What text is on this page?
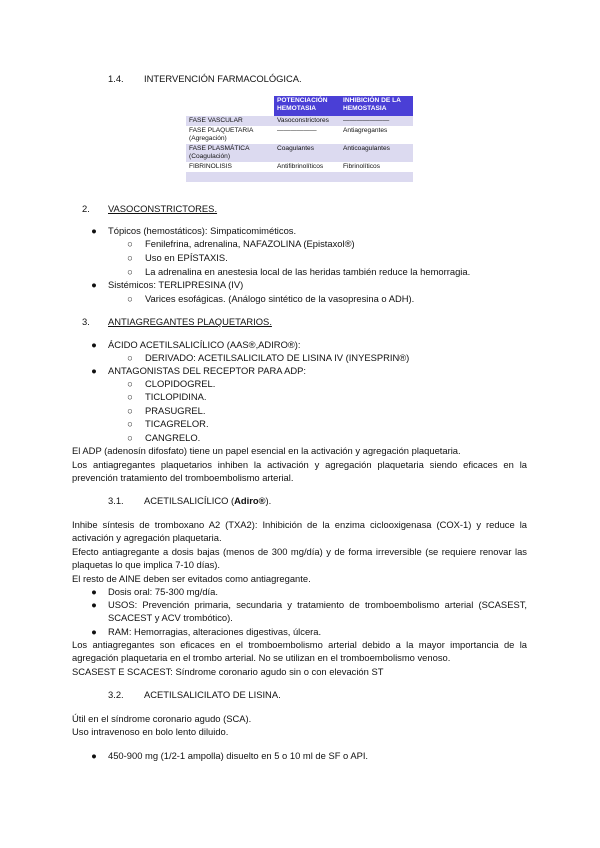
1.4. INTERVENCIÓN FARMACOLÓGICA.
	POTENCIACIÓN HEMOTASIA	INHIBICIÓN DE LA HEMOSTASIA
FASE VASCULAR	Vasoconstrictores	———————
FASE PLAQUETARIA (Agregación)	——————	Antiagregantes
FASE PLASMÁTICA (Coagulación)	Coagulantes	Anticoagulantes
FIBRINOLISIS	Antifibrinolíticos	Fibrinolíticos

2. VASOCONSTRICTORES.
● Tópicos (hemostáticos): Simpaticomiméticos.
○ Fenilefrina, adrenalina, NAFAZOLINA (Epistaxol®)
○ Uso en EPÍSTAXIS.
○ La adrenalina en anestesia local de las heridas también reduce la hemorragia.
● Sistémicos: TERLIPRESINA (IV)
○ Varices esofágicas. (Análogo sintético de la vasopresina o ADH).
3. ANTIAGREGANTES PLAQUETARIOS.
● ÁCIDO ACETILSALICÍLICO (AAS®,ADIRO®):
○ DERIVADO: ACETILSALICILATO DE LISINA IV (INYESPRIN®)
● ANTAGONISTAS DEL RECEPTOR PARA ADP:
○ CLOPIDOGREL.
○ TICLOPIDINA.
○ PRASUGREL.
○ TICAGRELOR.
○ CANGRELO.
El ADP (adenosín difosfato) tiene un papel esencial en la activación y agregación plaquetaria.
Los antiagregantes plaquetarios inhiben la activación y agregación plaquetaria siendo eficaces en la prevención tratamiento del tromboembolismo arterial.
3.1. ACETILSALICÍLICO (Adiro®).
Inhibe síntesis de tromboxano A2 (TXA2): Inhibición de la enzima ciclooxigenasa (COX-1) y reduce la activación y agregación plaquetaria.
Efecto antiagregante a dosis bajas (menos de 300 mg/día) y de forma irreversible (se requiere renovar las plaquetas lo que implica 7-10 días).
El resto de AINE deben ser evitados como antiagregante.
● Dosis oral: 75-300 mg/día.
● USOS: Prevención primaria, secundaria y tratamiento de tromboembolismo arterial (SCASEST, SCACEST y ACV trombótico).
● RAM: Hemorragias, alteraciones digestivas, úlcera.
Los antiagregantes son eficaces en el tromboembolismo arterial debido a la mayor importancia de la agregación plaquetaria en el trombo arterial. No se utilizan en el tromboembolismo venoso.
SCASEST E SCACEST: Síndrome coronario agudo sin o con elevación ST
3.2. ACETILSALICILATO DE LISINA.
Útil en el síndrome coronario agudo (SCA).
Uso intravenoso en bolo lento diluido.
● 450-900 mg (1/2-1 ampolla) disuelto en 5 o 10 ml de SF o API.
